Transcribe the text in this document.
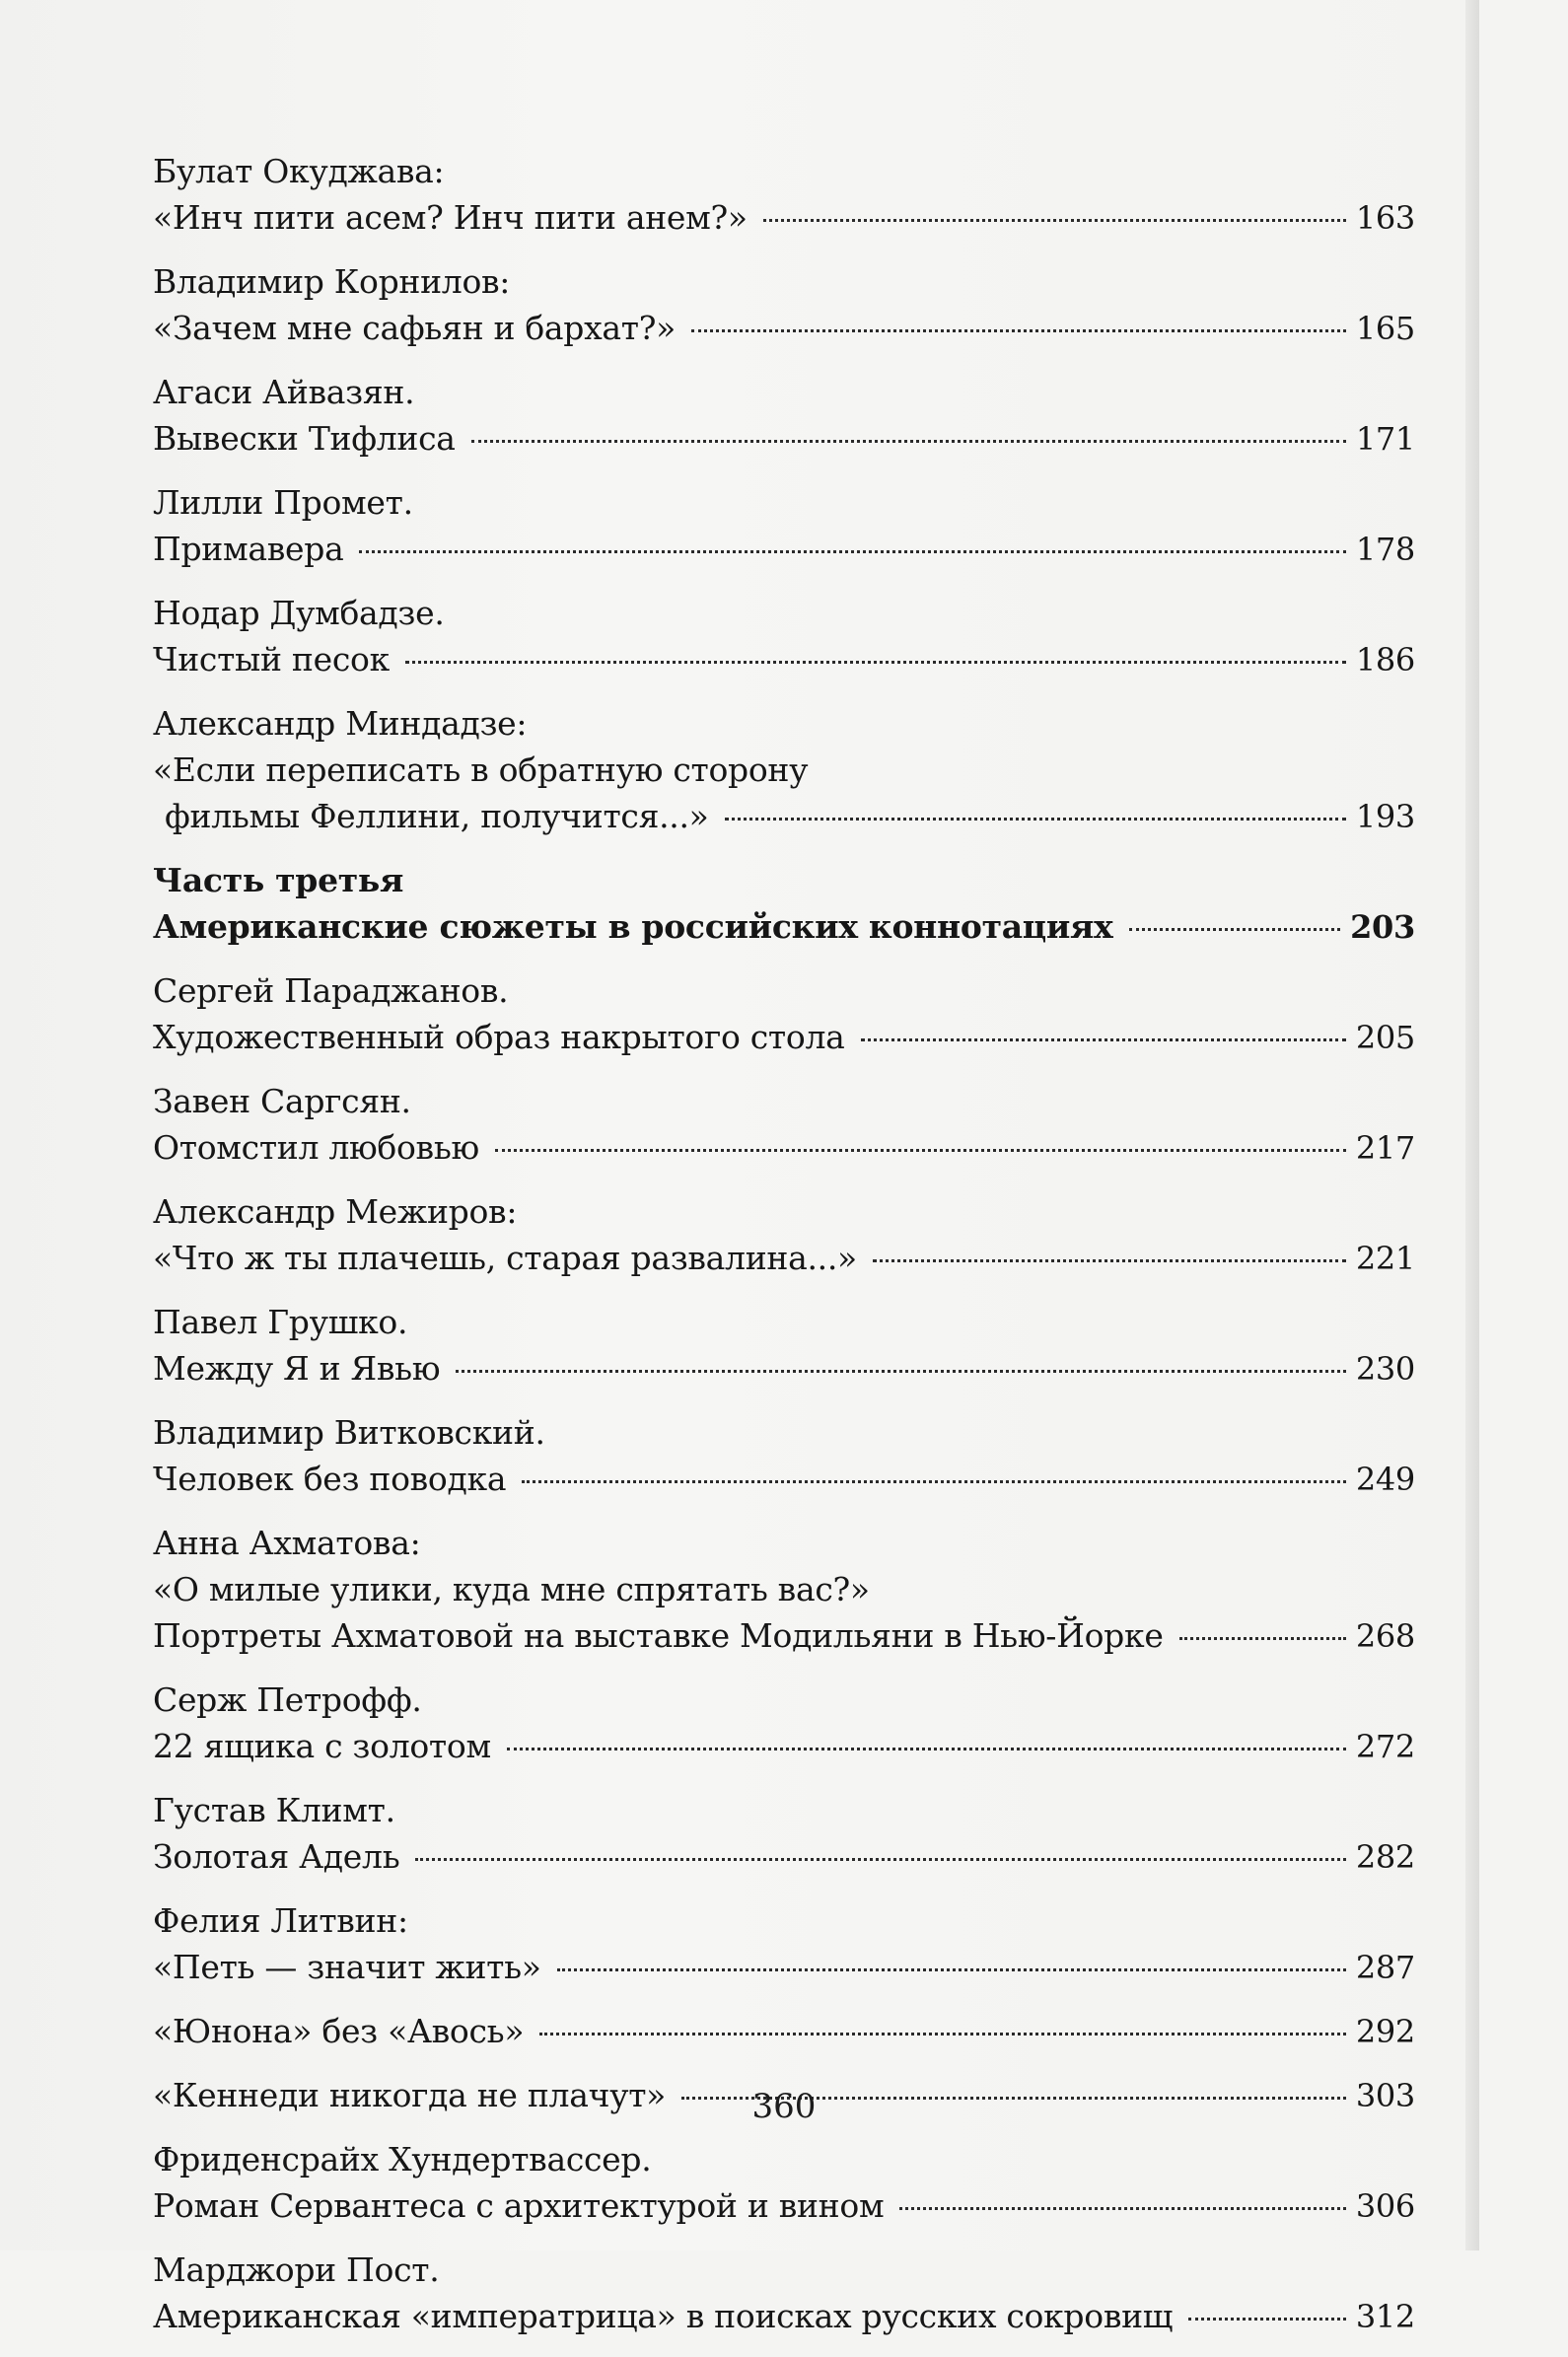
Булат Окуджава:
«Инч пити асем? Инч пити анем?»	163
Владимир Корнилов:
«Зачем мне сафьян и бархат?»	165
Агаси Айвазян.
Вывески Тифлиса	171
Лилли Промет.
Примавера	178
Нодар Думбадзе.
Чистый песок	186
Александр Миндадзе:
«Если переписать в обратную сторону
фильмы Феллини, получится...»	193
Часть третья
Американские сюжеты в российских коннотациях	203
Сергей Параджанов.
Художественный образ накрытого стола	205
Завен Саргсян.
Отомстил любовью	217
Александр Межиров:
«Что ж ты плачешь, старая развалина...»	221
Павел Грушко.
Между Я и Явью	230
Владимир Витковский.
Человек без поводка	249
Анна Ахматова:
«О милые улики, куда мне спрятать вас?»
Портреты Ахматовой на выставке Модильяни в Нью-Йорке	268
Серж Петрофф.
22 ящика с золотом	272
Густав Климт.
Золотая Адель	282
Фелия Литвин:
«Петь — значит жить»	287
«Юнона» без «Авось»	292
«Кеннеди никогда не плачут»	303
Фриденсрайх Хундертвассер.
Роман Сервантеса с архитектурой и вином	306
Марджори Пост.
Американская «императрица» в поисках русских сокровищ	312
360
